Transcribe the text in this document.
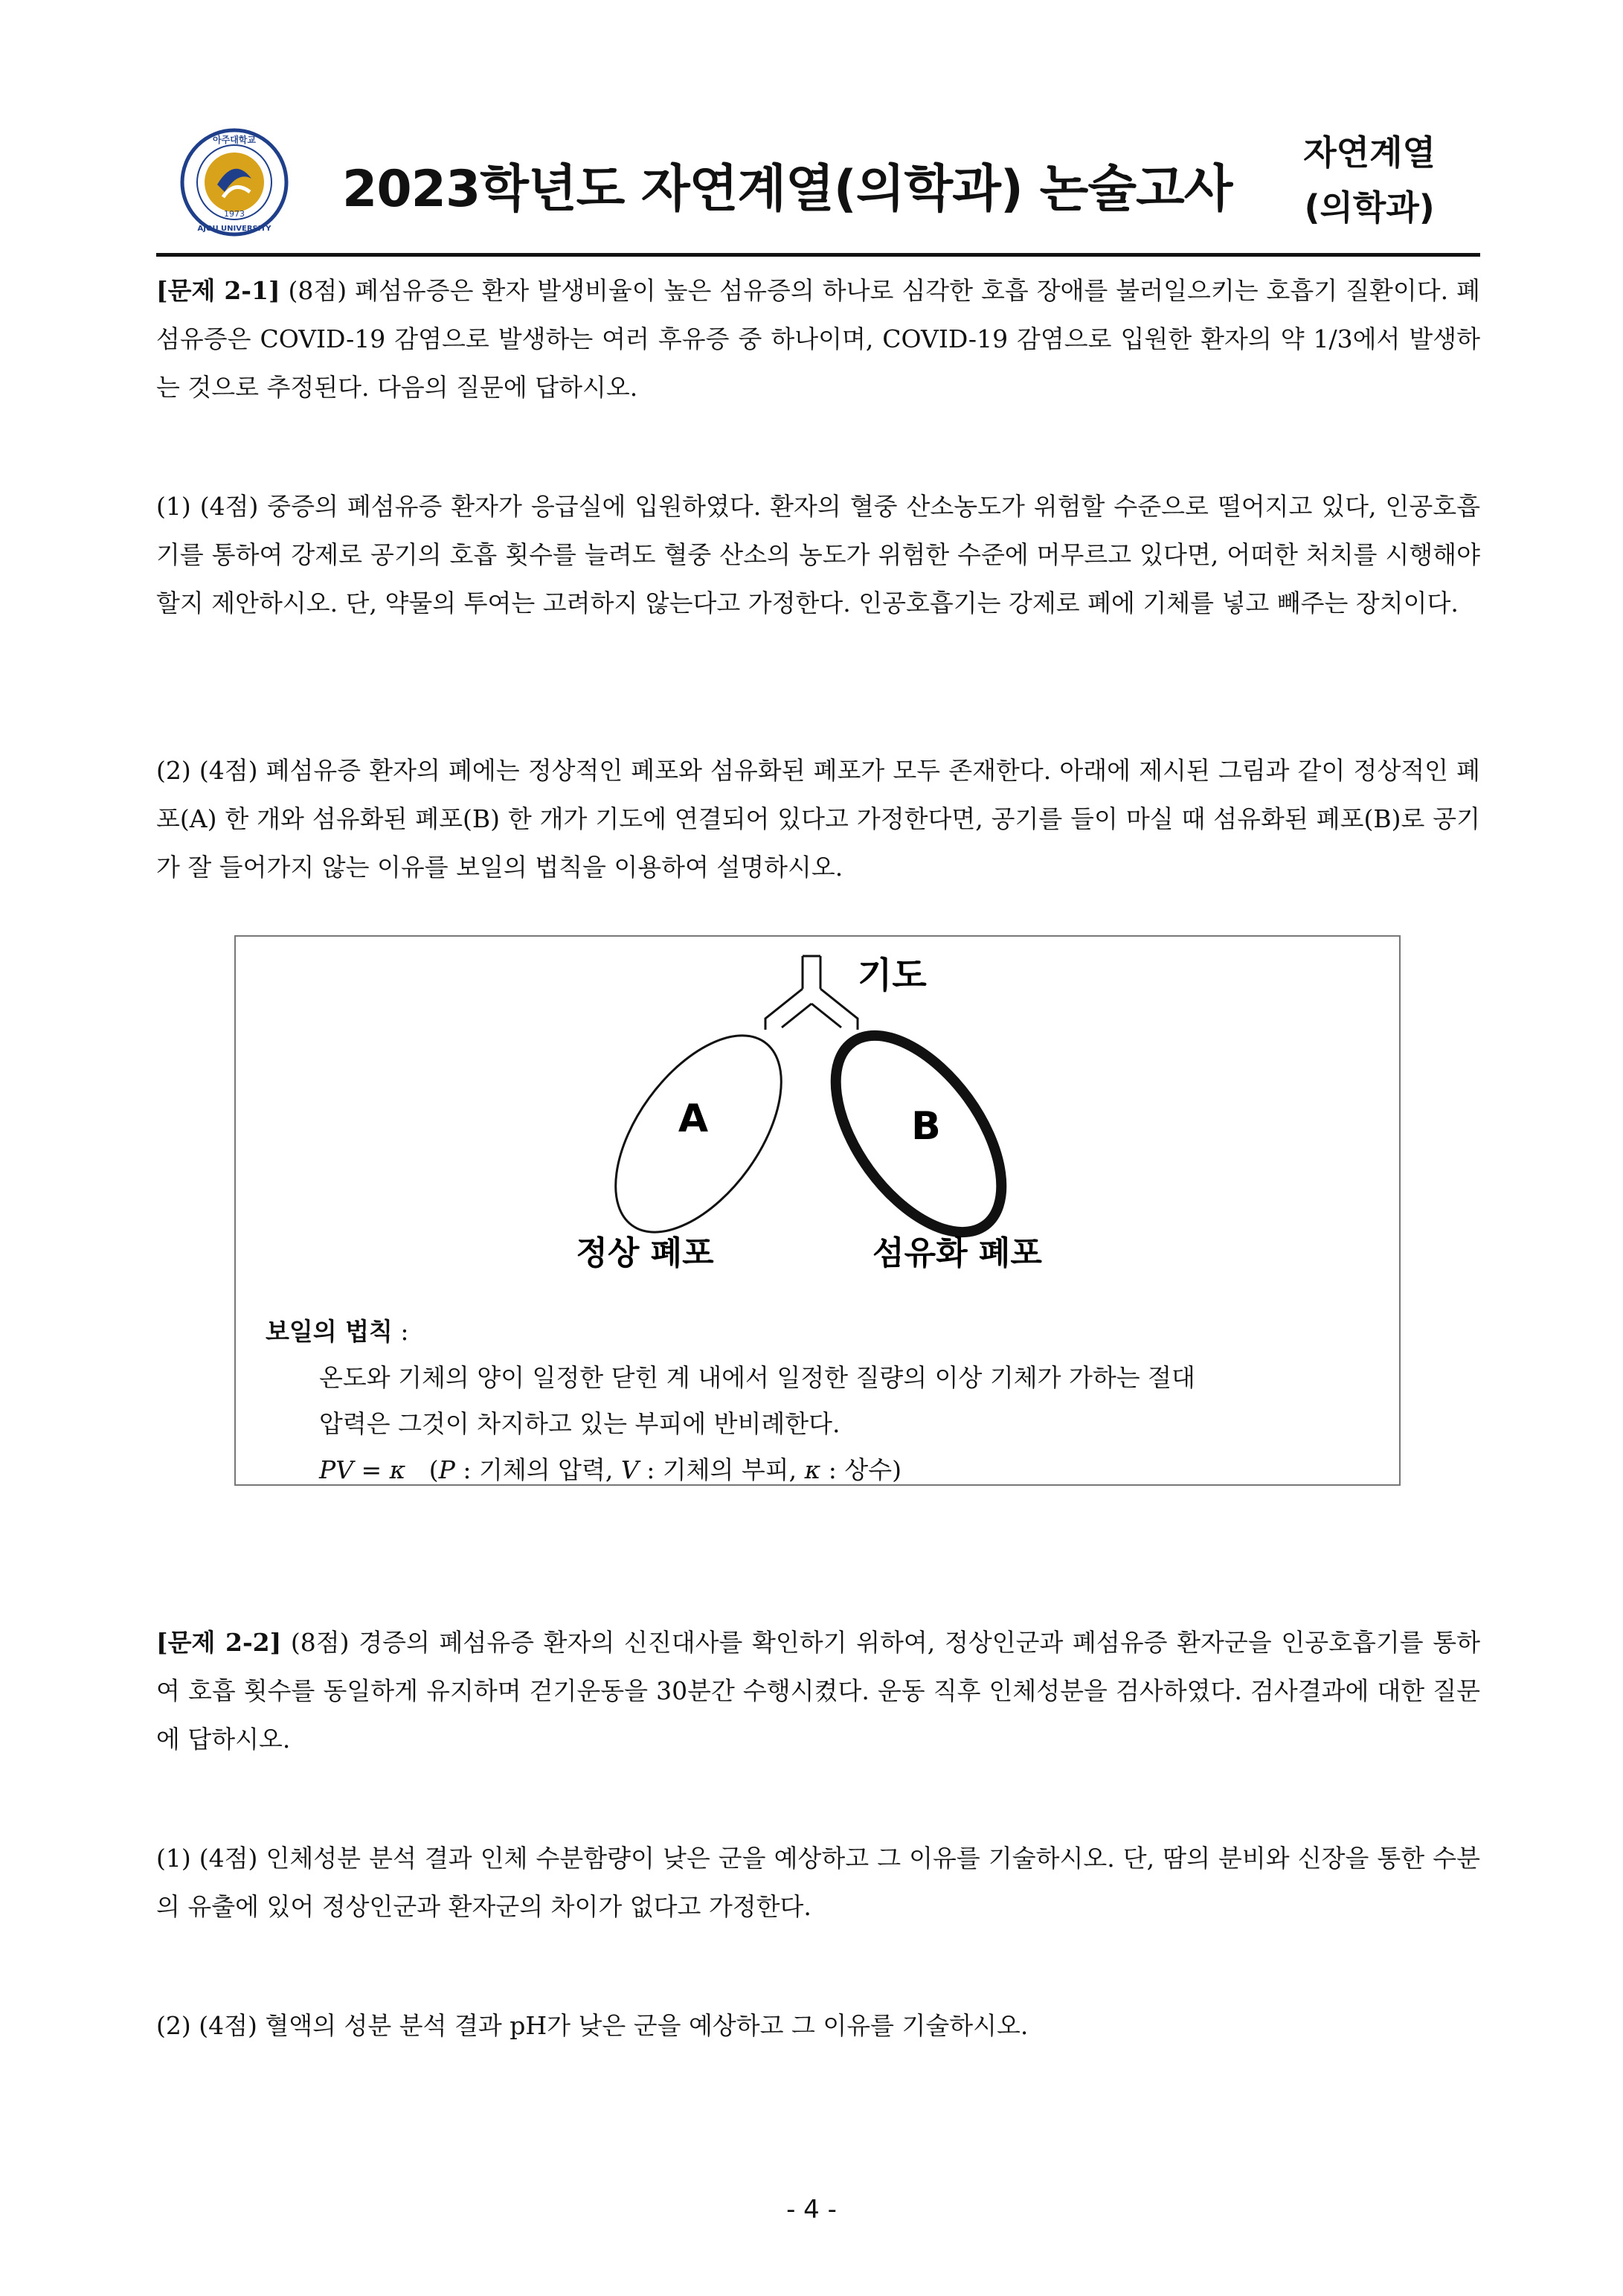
1973
아주대학교
AJOU UNIVERSITY
2023학년도 자연계열(의학과) 논술고사
자연계열
(의학과)
[문제 2-1] (8점) 폐섬유증은 환자 발생비율이 높은 섬유증의 하나로 심각한 호흡 장애를 불러일으키는 호흡기 질환이다. 폐섬유증은 COVID-19 감염으로 발생하는 여러 후유증 중 하나이며, COVID-19 감염으로 입원한 환자의 약 1/3에서 발생하는 것으로 추정된다. 다음의 질문에 답하시오.
(1) (4점) 중증의 폐섬유증 환자가 응급실에 입원하였다. 환자의 혈중 산소농도가 위험할 수준으로 떨어지고 있다, 인공호흡기를 통하여 강제로 공기의 호흡 횟수를 늘려도 혈중 산소의 농도가 위험한 수준에 머무르고 있다면, 어떠한 처치를 시행해야할지 제안하시오. 단, 약물의 투여는 고려하지 않는다고 가정한다. 인공호흡기는 강제로 폐에 기체를 넣고 빼주는 장치이다.
(2) (4점) 폐섬유증 환자의 폐에는 정상적인 폐포와 섬유화된 폐포가 모두 존재한다. 아래에 제시된 그림과 같이 정상적인 폐포(A) 한 개와 섬유화된 폐포(B) 한 개가 기도에 연결되어 있다고 가정한다면, 공기를 들이 마실 때 섬유화된 폐포(B)로 공기가 잘 들어가지 않는 이유를 보일의 법칙을 이용하여 설명하시오.
기도
A	B
정상 폐포	섬유화 폐포
보일의 법칙 :
온도와 기체의 양이 일정한 닫힌 계 내에서 일정한 질량의 이상 기체가 가하는 절대
압력은 그것이 차지하고 있는 부피에 반비례한다.
PV = κ (P : 기체의 압력, V : 기체의 부피, κ : 상수)
[문제 2-2] (8점) 경증의 폐섬유증 환자의 신진대사를 확인하기 위하여, 정상인군과 폐섬유증 환자군을 인공호흡기를 통하여 호흡 횟수를 동일하게 유지하며 걷기운동을 30분간 수행시켰다. 운동 직후 인체성분을 검사하였다. 검사결과에 대한 질문에 답하시오.
(1) (4점) 인체성분 분석 결과 인체 수분함량이 낮은 군을 예상하고 그 이유를 기술하시오. 단, 땀의 분비와 신장을 통한 수분의 유출에 있어 정상인군과 환자군의 차이가 없다고 가정한다.
(2) (4점) 혈액의 성분 분석 결과 pH가 낮은 군을 예상하고 그 이유를 기술하시오.
- 4 -
